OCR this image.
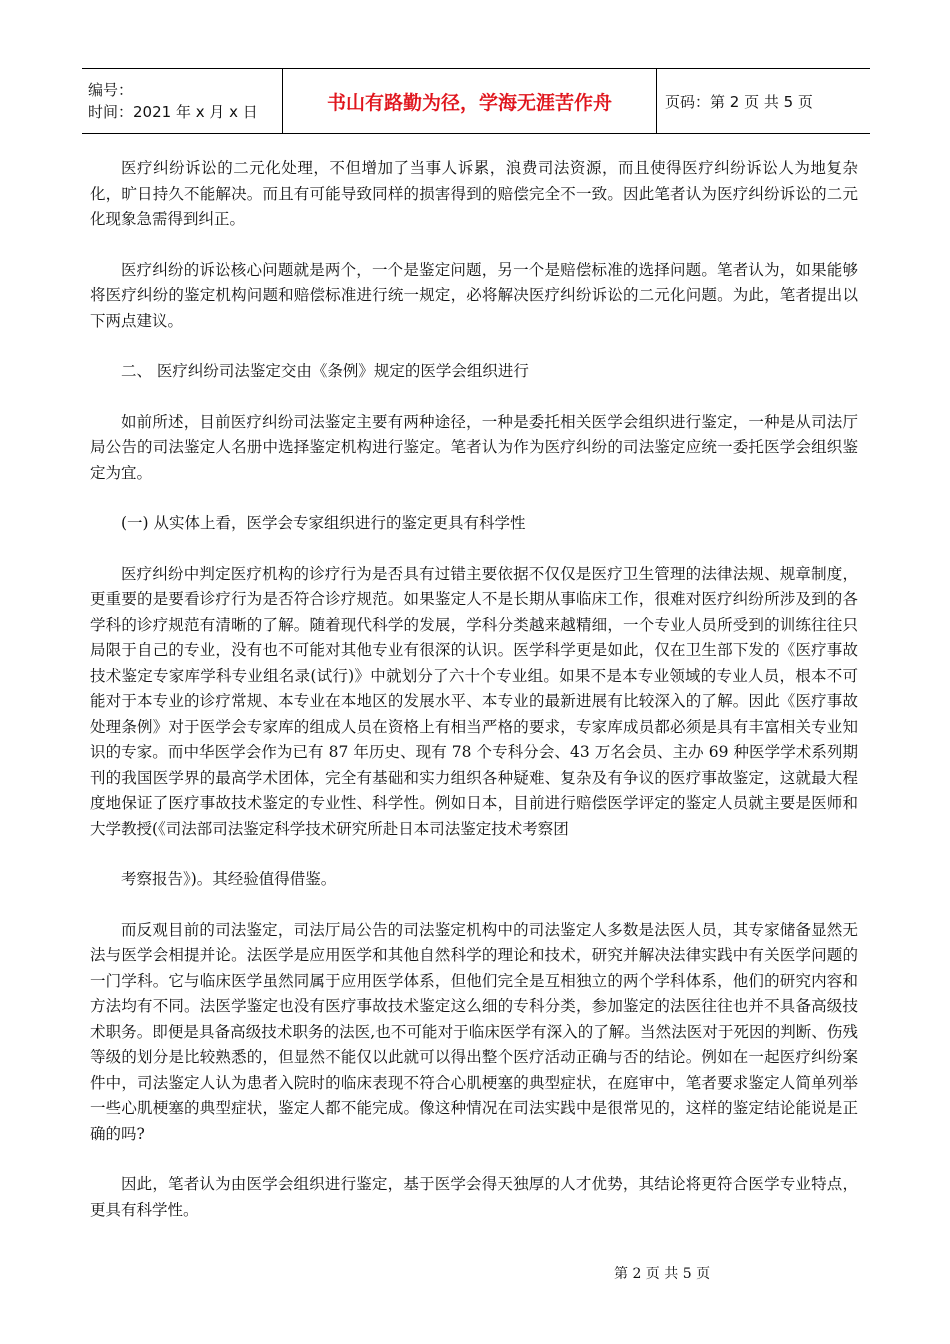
编号：
时间：2021 年 x 月 x 日	书山有路勤为径，学海无涯苦作舟	页码：第 2 页 共 5 页

医疗纠纷诉讼的二元化处理，不但增加了当事人诉累，浪费司法资源，而且使得医疗纠纷诉讼人为地复杂化，旷日持久不能解决。而且有可能导致同样的损害得到的赔偿完全不一致。因此笔者认为医疗纠纷诉讼的二元化现象急需得到纠正。

医疗纠纷的诉讼核心问题就是两个，一个是鉴定问题，另一个是赔偿标准的选择问题。笔者认为，如果能够将医疗纠纷的鉴定机构问题和赔偿标准进行统一规定，必将解决医疗纠纷诉讼的二元化问题。为此，笔者提出以下两点建议。

二、 医疗纠纷司法鉴定交由《条例》规定的医学会组织进行

如前所述，目前医疗纠纷司法鉴定主要有两种途径，一种是委托相关医学会组织进行鉴定，一种是从司法厅局公告的司法鉴定人名册中选择鉴定机构进行鉴定。笔者认为作为医疗纠纷的司法鉴定应统一委托医学会组织鉴定为宜。

(一) 从实体上看，医学会专家组织进行的鉴定更具有科学性

医疗纠纷中判定医疗机构的诊疗行为是否具有过错主要依据不仅仅是医疗卫生管理的法律法规、规章制度，更重要的是要看诊疗行为是否符合诊疗规范。如果鉴定人不是长期从事临床工作，很难对医疗纠纷所涉及到的各学科的诊疗规范有清晰的了解。随着现代科学的发展，学科分类越来越精细，一个专业人员所受到的训练往往只局限于自己的专业，没有也不可能对其他专业有很深的认识。医学科学更是如此，仅在卫生部下发的《医疗事故技术鉴定专家库学科专业组名录(试行)》中就划分了六十个专业组。如果不是本专业领域的专业人员，根本不可能对于本专业的诊疗常规、本专业在本地区的发展水平、本专业的最新进展有比较深入的了解。因此《医疗事故处理条例》对于医学会专家库的组成人员在资格上有相当严格的要求，专家库成员都必须是具有丰富相关专业知识的专家。而中华医学会作为已有 87 年历史、现有 78 个专科分会、43 万名会员、主办 69 种医学学术系列期刊的我国医学界的最高学术团体，完全有基础和实力组织各种疑难、复杂及有争议的医疗事故鉴定，这就最大程度地保证了医疗事故技术鉴定的专业性、科学性。例如日本，目前进行赔偿医学评定的鉴定人员就主要是医师和大学教授(《司法部司法鉴定科学技术研究所赴日本司法鉴定技术考察团

考察报告》)。其经验值得借鉴。

而反观目前的司法鉴定，司法厅局公告的司法鉴定机构中的司法鉴定人多数是法医人员，其专家储备显然无法与医学会相提并论。法医学是应用医学和其他自然科学的理论和技术，研究并解决法律实践中有关医学问题的一门学科。它与临床医学虽然同属于应用医学体系，但他们完全是互相独立的两个学科体系，他们的研究内容和方法均有不同。法医学鉴定也没有医疗事故技术鉴定这么细的专科分类，参加鉴定的法医往往也并不具备高级技术职务。即便是具备高级技术职务的法医,也不可能对于临床医学有深入的了解。当然法医对于死因的判断、伤残等级的划分是比较熟悉的，但显然不能仅以此就可以得出整个医疗活动正确与否的结论。例如在一起医疗纠纷案件中，司法鉴定人认为患者入院时的临床表现不符合心肌梗塞的典型症状，在庭审中，笔者要求鉴定人简单列举一些心肌梗塞的典型症状，鉴定人都不能完成。像这种情况在司法实践中是很常见的，这样的鉴定结论能说是正确的吗?

因此，笔者认为由医学会组织进行鉴定，基于医学会得天独厚的人才优势，其结论将更符合医学专业特点，更具有科学性。

第 2 页 共 5 页
